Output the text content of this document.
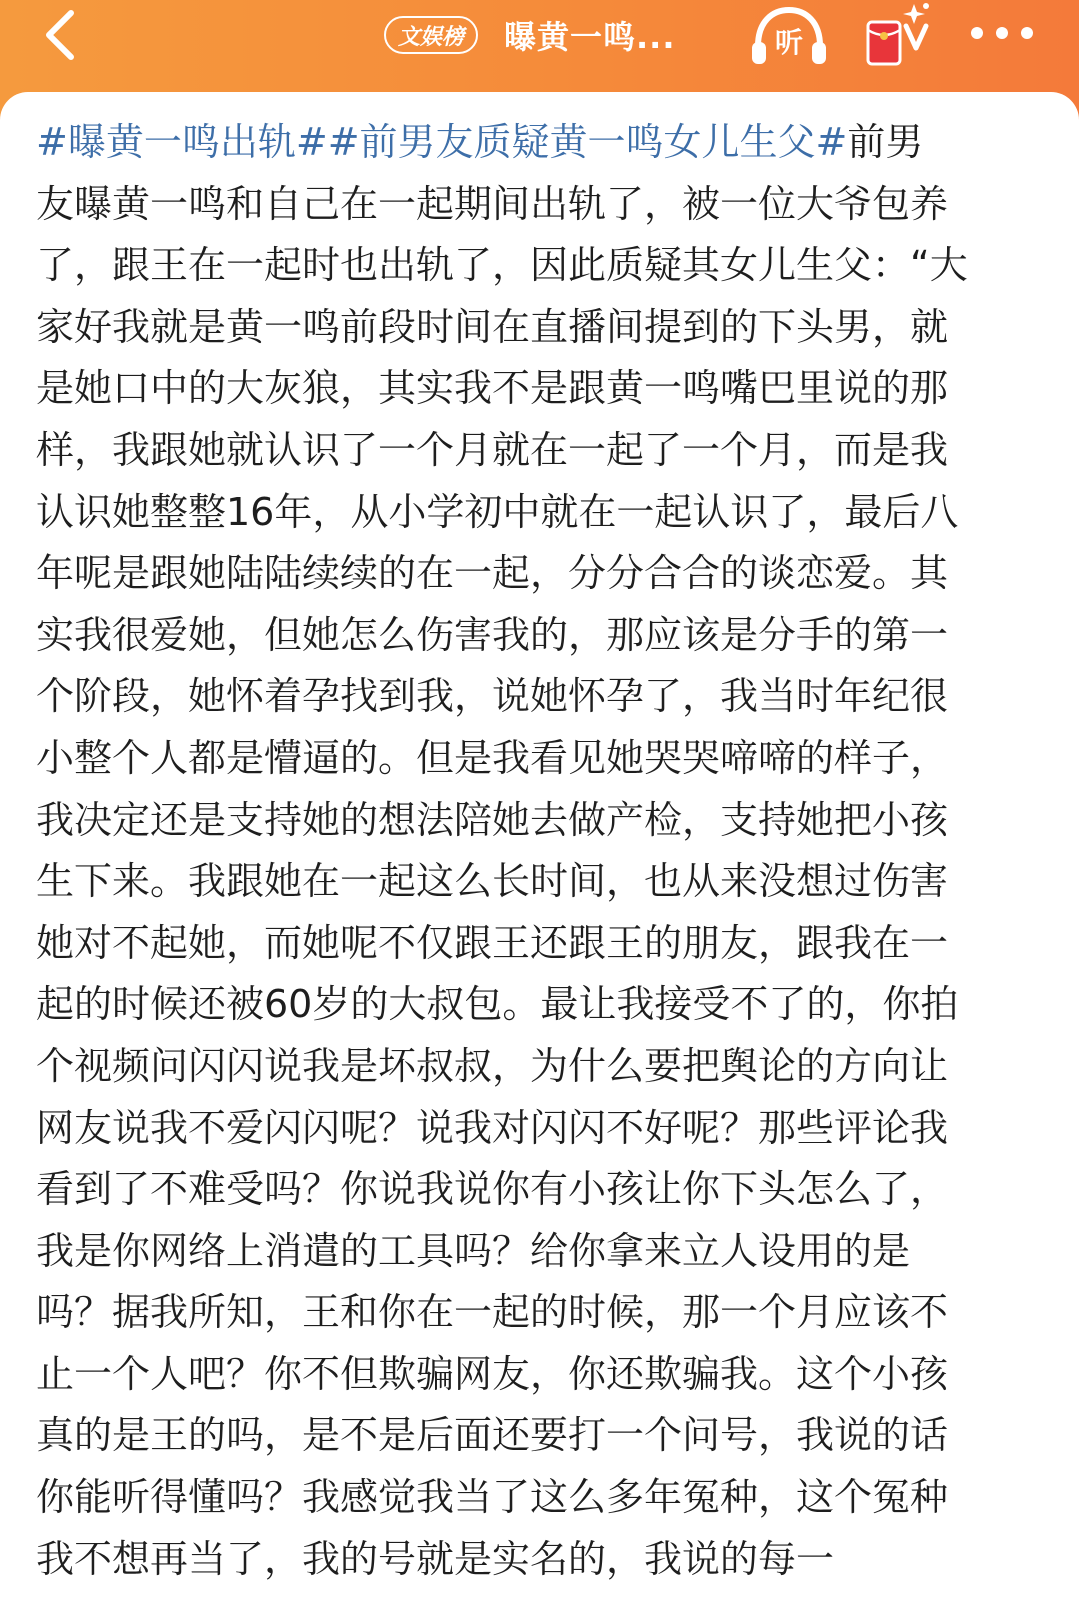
文娱榜	曝黄一鸣...	听
#曝黄一鸣出轨##前男友质疑黄一鸣女儿生父#前男
友曝黄一鸣和自己在一起期间出轨了，被一位大爷包养
了，跟王在一起时也出轨了，因此质疑其女儿生父：“大
家好我就是黄一鸣前段时间在直播间提到的下头男，就
是她口中的大灰狼，其实我不是跟黄一鸣嘴巴里说的那
样，我跟她就认识了一个月就在一起了一个月，而是我
认识她整整16年，从小学初中就在一起认识了，最后八
年呢是跟她陆陆续续的在一起，分分合合的谈恋爱。其
实我很爱她，但她怎么伤害我的，那应该是分手的第一
个阶段，她怀着孕找到我，说她怀孕了，我当时年纪很
小整个人都是懵逼的。但是我看见她哭哭啼啼的样子，
我决定还是支持她的想法陪她去做产检，支持她把小孩
生下来。我跟她在一起这么长时间，也从来没想过伤害
她对不起她，而她呢不仅跟王还跟王的朋友，跟我在一
起的时候还被60岁的大叔包。最让我接受不了的，你拍
个视频问闪闪说我是坏叔叔，为什么要把舆论的方向让
网友说我不爱闪闪呢？说我对闪闪不好呢？那些评论我
看到了不难受吗？你说我说你有小孩让你下头怎么了，
我是你网络上消遣的工具吗？给你拿来立人设用的是
吗？据我所知，王和你在一起的时候，那一个月应该不
止一个人吧？你不但欺骗网友，你还欺骗我。这个小孩
真的是王的吗，是不是后面还要打一个问号，我说的话
你能听得懂吗？我感觉我当了这么多年冤种，这个冤种
我不想再当了，我的号就是实名的，我说的每一
